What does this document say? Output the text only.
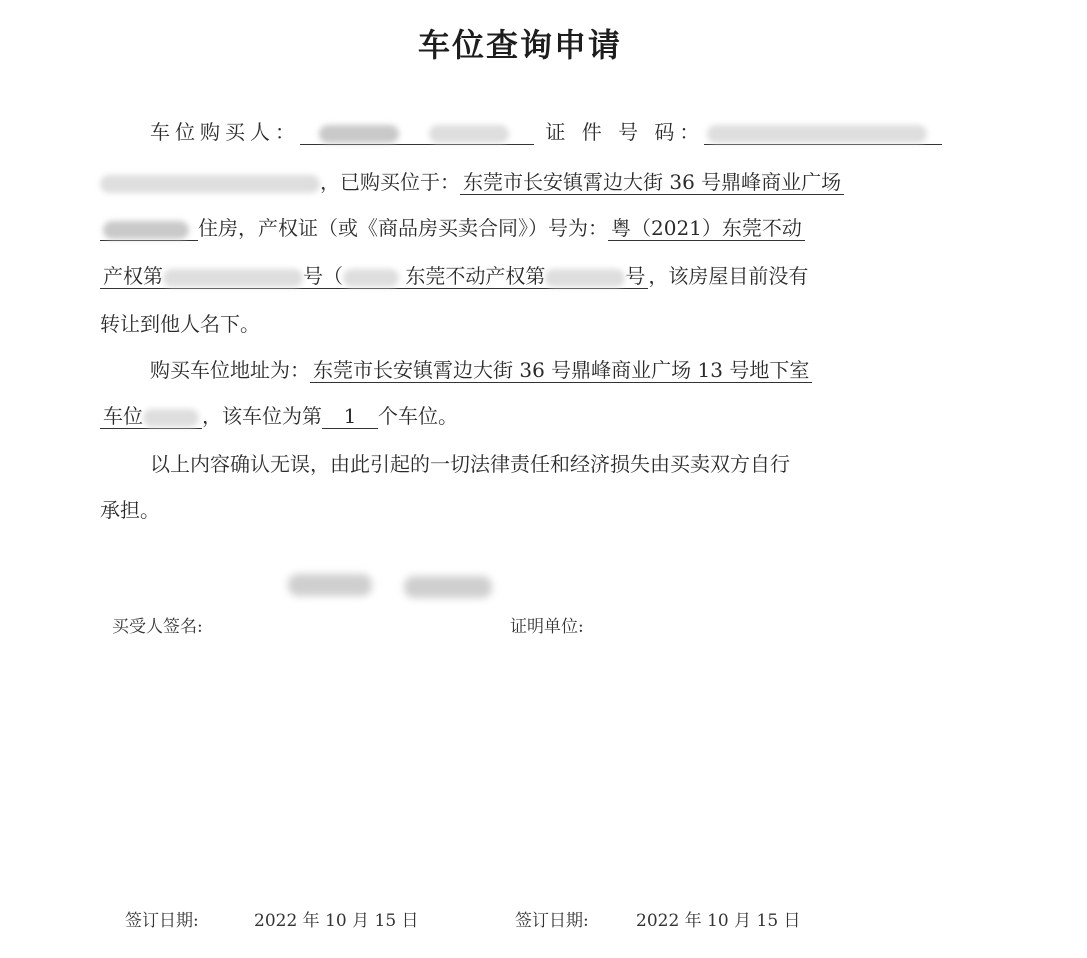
车位查询申请
车位购买人：	证 件 号 码：
，已购买位于： 东莞市长安镇霄边大街 36 号鼎峰商业广场
住房，产权证（或《商品房买卖合同》）号为： 粤（2021）东莞不动
产权第	号（	东莞不动产权第	号 ，该房屋目前没有
转让到他人名下。
购买车位地址为： 东莞市长安镇霄边大街 36 号鼎峰商业广场 13 号地下室
车位	，该车位为第 1 个车位。
以上内容确认无误，由此引起的一切法律责任和经济损失由买卖双方自行
承担。
买受人签名:	证明单位:
签订日期:	2022 年 10 月 15 日	签订日期:	2022 年 10 月 15 日
